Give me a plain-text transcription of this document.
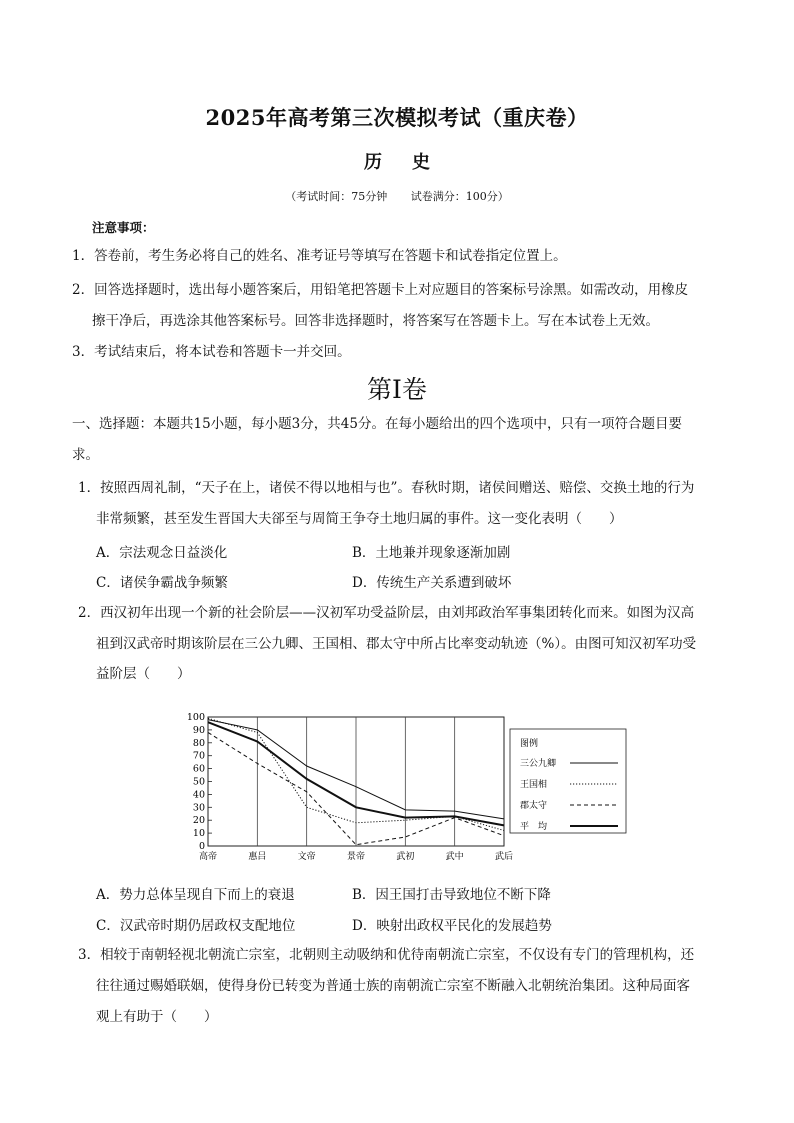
2025年高考第三次模拟考试（重庆卷）
历史
（考试时间：75分钟 试卷满分：100分）
注意事项：
1．答卷前，考生务必将自己的姓名、准考证号等填写在答题卡和试卷指定位置上。
2．回答选择题时，选出每小题答案后，用铅笔把答题卡上对应题目的答案标号涂黑。如需改动，用橡皮
擦干净后，再选涂其他答案标号。回答非选择题时，将答案写在答题卡上。写在本试卷上无效。
3．考试结束后，将本试卷和答题卡一并交回。
第Ⅰ卷
一、选择题：本题共15小题，每小题3分，共45分。在每小题给出的四个选项中，只有一项符合题目要
求。
1．按照西周礼制，“天子在上，诸侯不得以地相与也”。春秋时期，诸侯间赠送、赔偿、交换土地的行为
非常频繁，甚至发生晋国大夫郤至与周简王争夺土地归属的事件。这一变化表明（　　）
A．宗法观念日益淡化	B．土地兼并现象逐渐加剧
C．诸侯争霸战争频繁	D．传统生产关系遭到破坏
2．西汉初年出现一个新的社会阶层——汉初军功受益阶层，由刘邦政治军事集团转化而来。如图为汉高
祖到汉武帝时期该阶层在三公九卿、王国相、郡太守中所占比率变动轨迹（%）。由图可知汉初军功受
益阶层（　　）
0
10
20
30
40
50
60
70
80
90
100
高帝	惠吕	文帝	景帝	武初	武中	武后
图例
三公九卿
王国相
郡太守
平　均
A．势力总体呈现自下而上的衰退	B．因王国打击导致地位不断下降
C．汉武帝时期仍居政权支配地位	D．映射出政权平民化的发展趋势
3．相较于南朝轻视北朝流亡宗室，北朝则主动吸纳和优待南朝流亡宗室，不仅设有专门的管理机构，还
往往通过赐婚联姻，使得身份已转变为普通士族的南朝流亡宗室不断融入北朝统治集团。这种局面客
观上有助于（　　）
